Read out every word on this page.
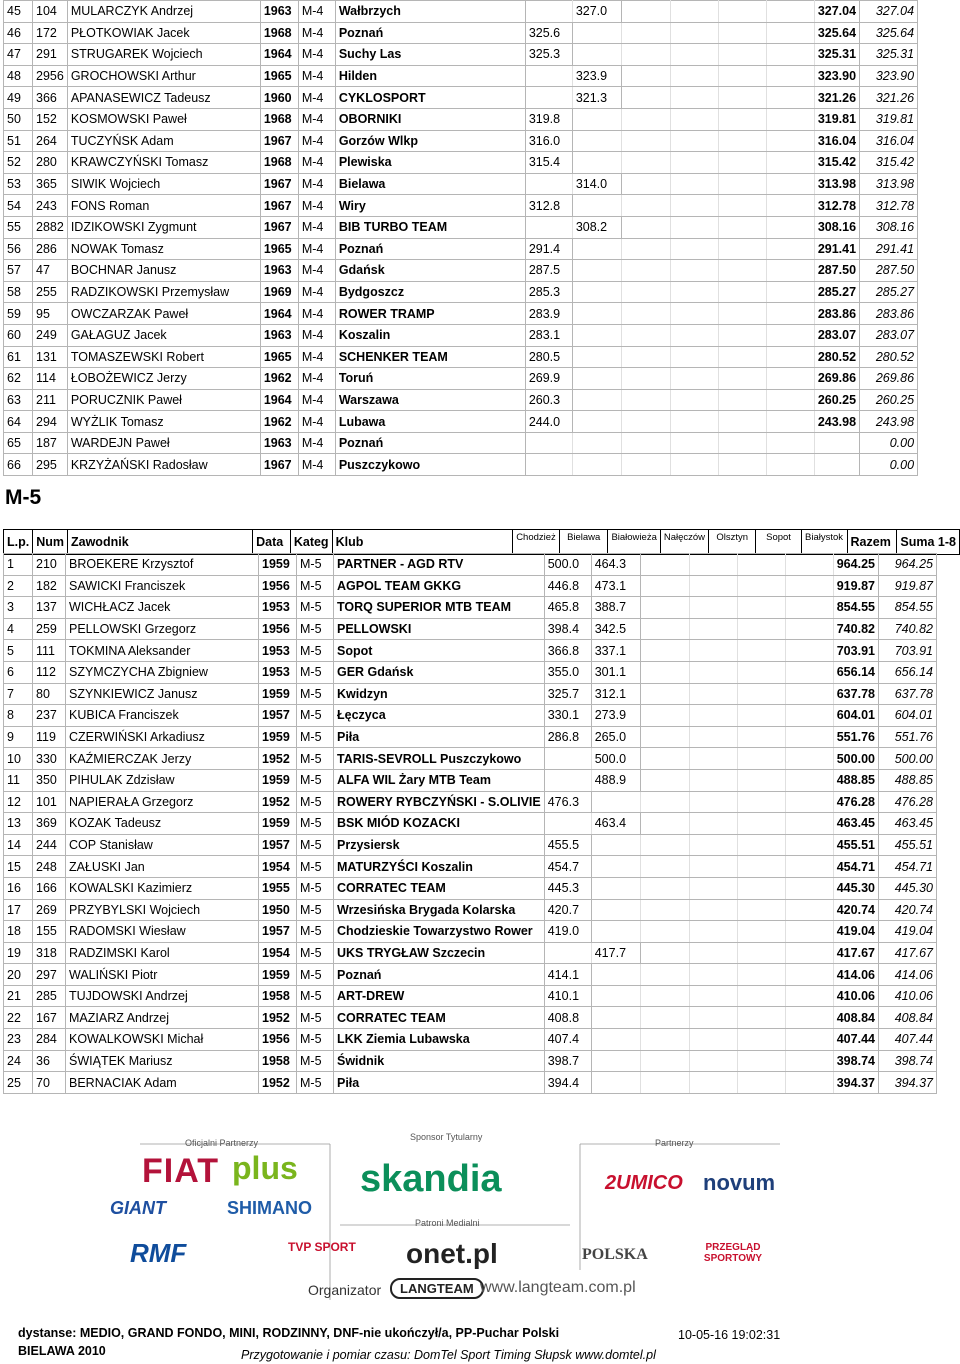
45	104	MULARCZYK Andrzej	1963	M-4	Wałbrzych		327.0					327.04	327.04
46	172	PŁOTKOWIAK Jacek	1968	M-4	Poznań	325.6						325.64	325.64
47	291	STRUGAREK Wojciech	1964	M-4	Suchy Las	325.3						325.31	325.31
48	2956	GROCHOWSKI Arthur	1965	M-4	Hilden		323.9					323.90	323.90
49	366	APANASEWICZ Tadeusz	1960	M-4	CYKLOSPORT		321.3					321.26	321.26
50	152	KOSMOWSKI Paweł	1968	M-4	OBORNIKI	319.8						319.81	319.81
51	264	TUCZYŃSK Adam	1967	M-4	Gorzów Wlkp	316.0						316.04	316.04
52	280	KRAWCZYŃSKI Tomasz	1968	M-4	Plewiska	315.4						315.42	315.42
53	365	SIWIK Wojciech	1967	M-4	Bielawa		314.0					313.98	313.98
54	243	FONS Roman	1967	M-4	Wiry	312.8						312.78	312.78
55	2882	IDZIKOWSKI Zygmunt	1967	M-4	BIB TURBO TEAM		308.2					308.16	308.16
56	286	NOWAK Tomasz	1965	M-4	Poznań	291.4						291.41	291.41
57	47	BOCHNAR Janusz	1963	M-4	Gdańsk	287.5						287.50	287.50
58	255	RADZIKOWSKI Przemysław	1969	M-4	Bydgoszcz	285.3						285.27	285.27
59	95	OWCZARZAK Paweł	1964	M-4	ROWER TRAMP	283.9						283.86	283.86
60	249	GAŁAGUZ Jacek	1963	M-4	Koszalin	283.1						283.07	283.07
61	131	TOMASZEWSKI Robert	1965	M-4	SCHENKER TEAM	280.5						280.52	280.52
62	114	ŁOBOŻEWICZ Jerzy	1962	M-4	Toruń	269.9						269.86	269.86
63	211	PORUCZNIK Paweł	1964	M-4	Warszawa	260.3						260.25	260.25
64	294	WYŻLIK Tomasz	1962	M-4	Lubawa	244.0						243.98	243.98
65	187	WARDEJN Paweł	1963	M-4	Poznań								0.00
66	295	KRZYŻAŃSKI Radosław	1967	M-4	Puszczykowo								0.00
M-5
L.p.	Num	Zawodnik	Data	Kateg	Klub	Chodzież	Bielawa	Białowieża	Nałęczów	Olsztyn	Sopot	Białystok	Razem	Suma 1-8
1	210	BROEKERE Krzysztof	1959	M-5	PARTNER - AGD RTV	500.0	464.3					964.25	964.25
2	182	SAWICKI Franciszek	1956	M-5	AGPOL TEAM GKKG	446.8	473.1					919.87	919.87
3	137	WICHŁACZ Jacek	1953	M-5	TORQ SUPERIOR MTB TEAM	465.8	388.7					854.55	854.55
4	259	PELLOWSKI Grzegorz	1956	M-5	PELLOWSKI	398.4	342.5					740.82	740.82
5	111	TOKMINA Aleksander	1953	M-5	Sopot	366.8	337.1					703.91	703.91
6	112	SZYMCZYCHA Zbigniew	1953	M-5	GER Gdańsk	355.0	301.1					656.14	656.14
7	80	SZYNKIEWICZ Janusz	1959	M-5	Kwidzyn	325.7	312.1					637.78	637.78
8	237	KUBICA Franciszek	1957	M-5	Łęczyca	330.1	273.9					604.01	604.01
9	119	CZERWIŃSKI Arkadiusz	1959	M-5	Piła	286.8	265.0					551.76	551.76
10	330	KAŹMIERCZAK Jerzy	1952	M-5	TARIS-SEVROLL Puszczykowo		500.0					500.00	500.00
11	350	PIHULAK Zdzisław	1959	M-5	ALFA WIL Żary MTB Team		488.9					488.85	488.85
12	101	NAPIERAŁA Grzegorz	1952	M-5	ROWERY RYBCZYŃSKI - S.OLIVIE	476.3						476.28	476.28
13	369	KOZAK Tadeusz	1959	M-5	BSK MIÓD KOZACKI		463.4					463.45	463.45
14	244	COP Stanisław	1957	M-5	Przysiersk	455.5						455.51	455.51
15	248	ZAŁUSKI Jan	1954	M-5	MATURZYŚCI Koszalin	454.7						454.71	454.71
16	166	KOWALSKI Kazimierz	1955	M-5	CORRATEC TEAM	445.3						445.30	445.30
17	269	PRZYBYLSKI Wojciech	1950	M-5	Wrzesińska Brygada Kolarska	420.7						420.74	420.74
18	155	RADOMSKI Wiesław	1957	M-5	Chodzieskie Towarzystwo Rower	419.0						419.04	419.04
19	318	RADZIMSKI Karol	1954	M-5	UKS TRYGŁAW Szczecin		417.7					417.67	417.67
20	297	WALIŃSKI Piotr	1959	M-5	Poznań	414.1						414.06	414.06
21	285	TUJDOWSKI Andrzej	1958	M-5	ART-DREW	410.1						410.06	410.06
22	167	MAZIARZ Andrzej	1952	M-5	CORRATEC TEAM	408.8						408.84	408.84
23	284	KOWALKOWSKI Michał	1956	M-5	LKK Ziemia Lubawska	407.4						407.44	407.44
24	36	ŚWIĄTEK Mariusz	1958	M-5	Świdnik	398.7						398.74	398.74
25	70	BERNACIAK Adam	1952	M-5	Piła	394.4						394.37	394.37
Oficjalni Partnerzy
Sponsor Tytularny
Partnerzy
Patroni Medialni
FIAT plus skandia	2UMICO novum
GIANT	SHIMANO
RMF	TVP SPORT onet.pl	POLSKA	PRZEGLĄD SPORTOWY
Organizator	LANGTEAM www.langteam.com.pl
dystanse: MEDIO, GRAND FONDO, MINI, RODZINNY, DNF-nie ukończył/a, PP-Puchar Polski
BIELAWA 2010
10-05-16 19:02:31
Przygotowanie i pomiar czasu: DomTel Sport Timing Słupsk www.domtel.pl
